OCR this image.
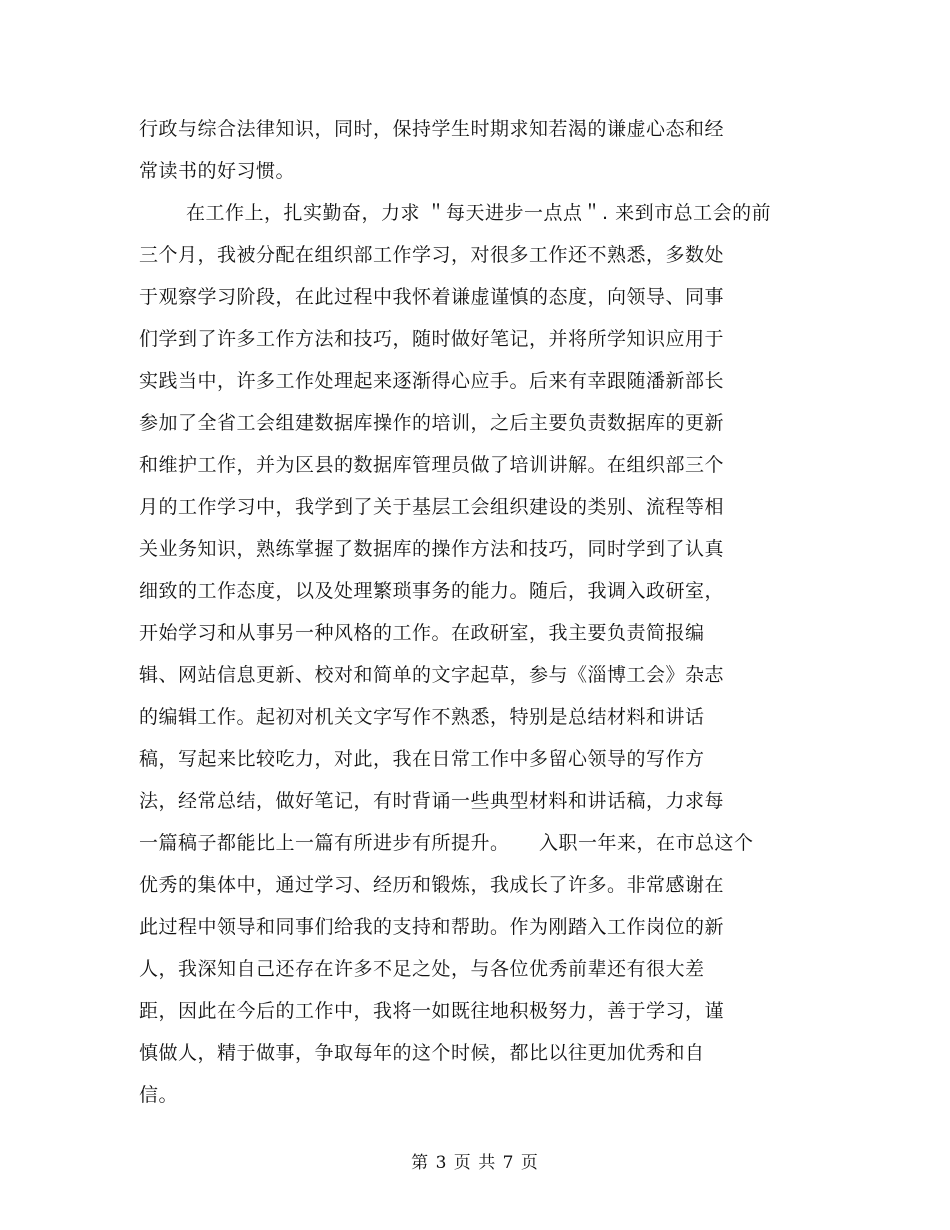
行政与综合法律知识，同时，保持学生时期求知若渴的谦虚心态和经
常读书的好习惯。
在工作上，扎实勤奋，力求 ＂每天进步一点点＂. 来到市总工会的前
三个月，我被分配在组织部工作学习，对很多工作还不熟悉，多数处
于观察学习阶段，在此过程中我怀着谦虚谨慎的态度，向领导、同事
们学到了许多工作方法和技巧，随时做好笔记，并将所学知识应用于
实践当中，许多工作处理起来逐渐得心应手。后来有幸跟随潘新部长
参加了全省工会组建数据库操作的培训，之后主要负责数据库的更新
和维护工作，并为区县的数据库管理员做了培训讲解。在组织部三个
月的工作学习中，我学到了关于基层工会组织建设的类别、流程等相
关业务知识，熟练掌握了数据库的操作方法和技巧，同时学到了认真
细致的工作态度，以及处理繁琐事务的能力。随后，我调入政研室，
开始学习和从事另一种风格的工作。在政研室，我主要负责简报编
辑、网站信息更新、校对和简单的文字起草，参与《淄博工会》杂志
的编辑工作。起初对机关文字写作不熟悉，特别是总结材料和讲话
稿，写起来比较吃力，对此，我在日常工作中多留心领导的写作方
法，经常总结，做好笔记，有时背诵一些典型材料和讲话稿，力求每
一篇稿子都能比上一篇有所进步有所提升。　　入职一年来，在市总这个
优秀的集体中，通过学习、经历和锻炼，我成长了许多。非常感谢在
此过程中领导和同事们给我的支持和帮助。作为刚踏入工作岗位的新
人，我深知自己还存在许多不足之处，与各位优秀前辈还有很大差
距，因此在今后的工作中，我将一如既往地积极努力，善于学习，谨
慎做人，精于做事，争取每年的这个时候，都比以往更加优秀和自
信。
第 3 页 共 7 页
